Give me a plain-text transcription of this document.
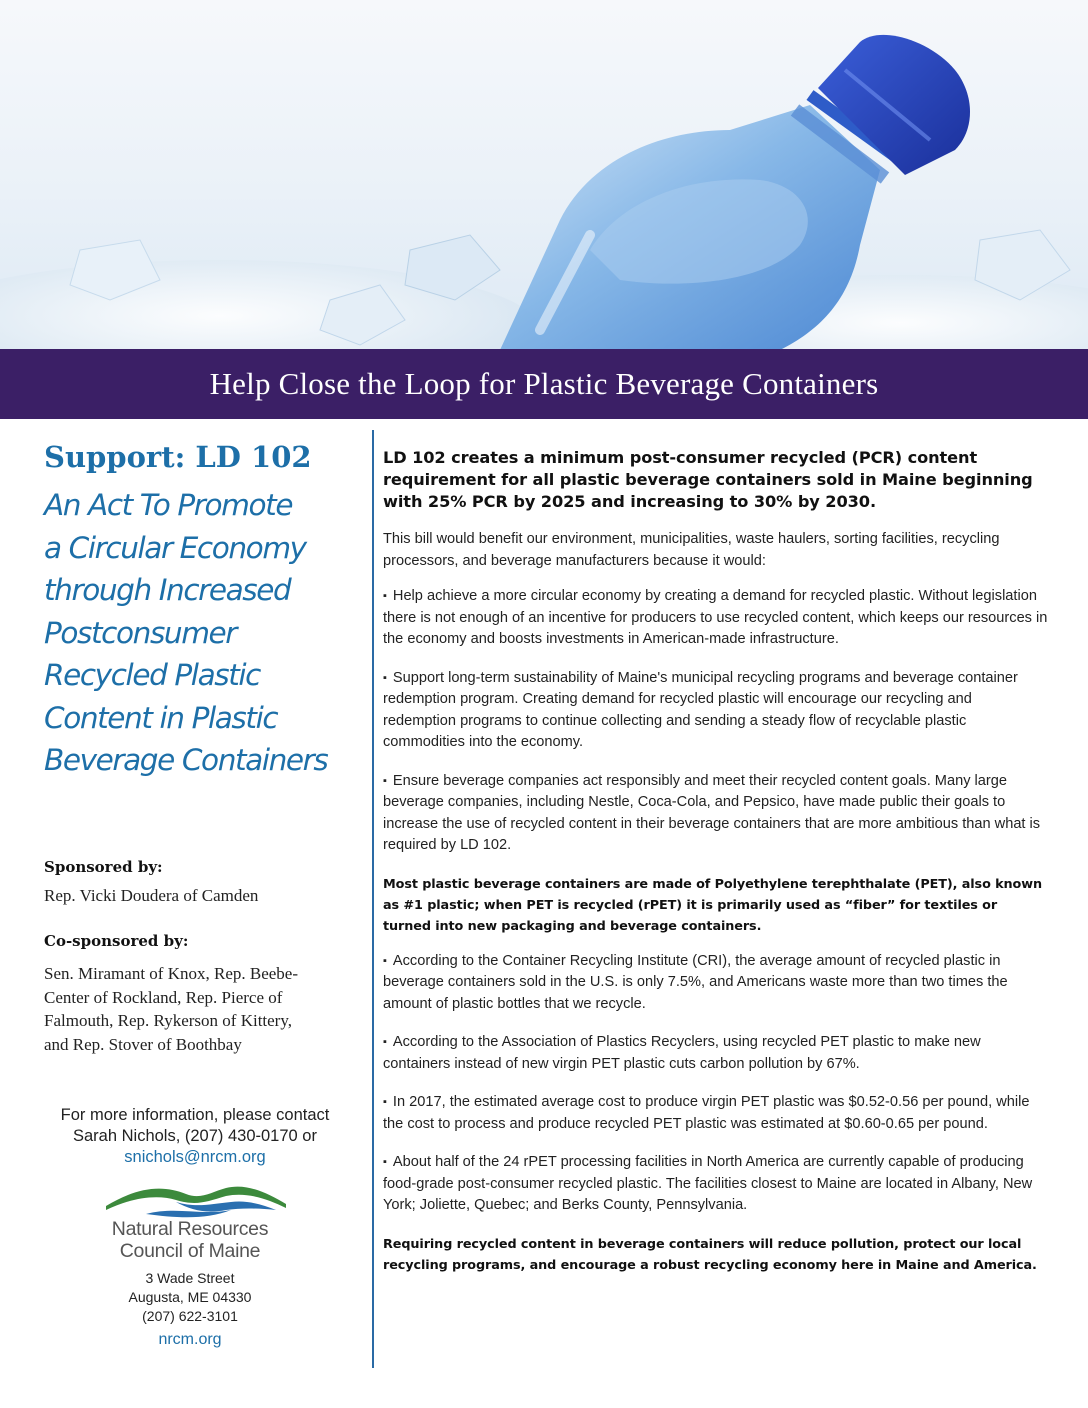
Help Close the Loop for Plastic Beverage Containers
Support: LD 102

An Act To Promote

a Circular Economy

through Increased

Postconsumer

Recycled Plastic

Content in Plastic

Beverage Containers

Sponsored by:

Rep. Vicki Doudera of Camden

Co-sponsored by:

Sen. Miramant of Knox, Rep. Beebe-

Center of Rockland, Rep. Pierce of

Falmouth, Rep. Rykerson of Kittery,

and Rep. Stover of Boothbay

For more information, please contact
Sarah Nichols, (207) 430-0170 or
snichols@nrcm.org
Natural Resources
Council of Maine
3 Wade Street
Augusta, ME 04330
(207) 622-3101
nrcm.org

LD 102 creates a minimum post-consumer recycled (PCR) content requirement for all plastic beverage containers sold in Maine beginning with 25% PCR by 2025 and increasing to 30% by 2030.

This bill would benefit our environment, municipalities, waste haulers, sorting facilities, recycling processors, and beverage manufacturers because it would:

▪ Help achieve a more circular economy by creating a demand for recycled plastic. Without legislation there is not enough of an incentive for producers to use recycled content, which keeps our resources in the economy and boosts investments in American-made infrastructure.

▪ Support long-term sustainability of Maine's municipal recycling programs and beverage container redemption program. Creating demand for recycled plastic will encourage our recycling and redemption programs to continue collecting and sending a steady flow of recyclable plastic commodities into the economy.

▪ Ensure beverage companies act responsibly and meet their recycled content goals. Many large beverage companies, including Nestle, Coca-Cola, and Pepsico, have made public their goals to increase the use of recycled content in their beverage containers that are more ambitious than what is required by LD 102.

Most plastic beverage containers are made of Polyethylene terephthalate (PET), also known as #1 plastic; when PET is recycled (rPET) it is primarily used as “fiber” for textiles or turned into new packaging and beverage containers.

▪ According to the Container Recycling Institute (CRI), the average amount of recycled plastic in beverage containers sold in the U.S. is only 7.5%, and Americans waste more than two times the amount of plastic bottles that we recycle.

▪ According to the Association of Plastics Recyclers, using recycled PET plastic to make new containers instead of new virgin PET plastic cuts carbon pollution by 67%.

▪ In 2017, the estimated average cost to produce virgin PET plastic was $0.52-0.56 per pound, while the cost to process and produce recycled PET plastic was estimated at $0.60-0.65 per pound.

▪ About half of the 24 rPET processing facilities in North America are currently capable of producing food-grade post-consumer recycled plastic. The facilities closest to Maine are located in Albany, New York; Joliette, Quebec; and Berks County, Pennsylvania.

Requiring recycled content in beverage containers will reduce pollution, protect our local recycling programs, and encourage a robust recycling economy here in Maine and America.
